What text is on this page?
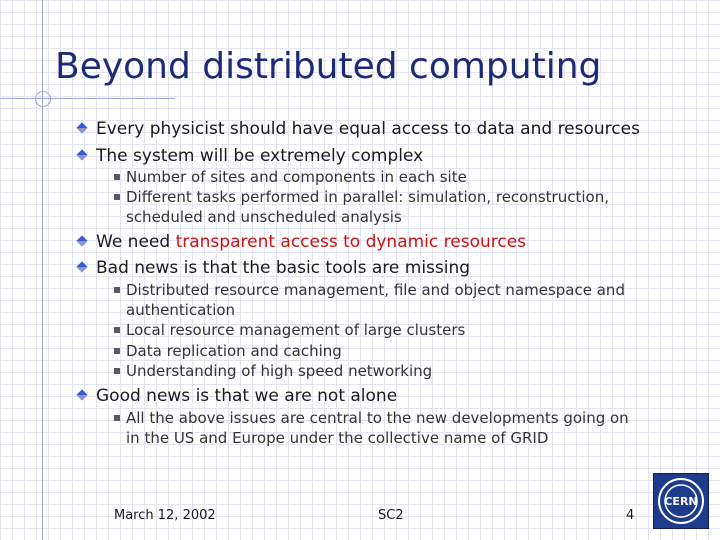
Beyond distributed computing
Every physicist should have equal access to data and resources
The system will be extremely complex
Number of sites and components in each site
Different tasks performed in parallel: simulation, reconstruction,
scheduled and unscheduled analysis
We need transparent access to dynamic resources
Bad news is that the basic tools are missing
Distributed resource management, file and object namespace and
authentication
Local resource management of large clusters
Data replication and caching
Understanding of high speed networking
Good news is that we are not alone
All the above issues are central to the new developments going on
in the US and Europe under the collective name of GRID
March 12, 2002	SC2	4
CERN
